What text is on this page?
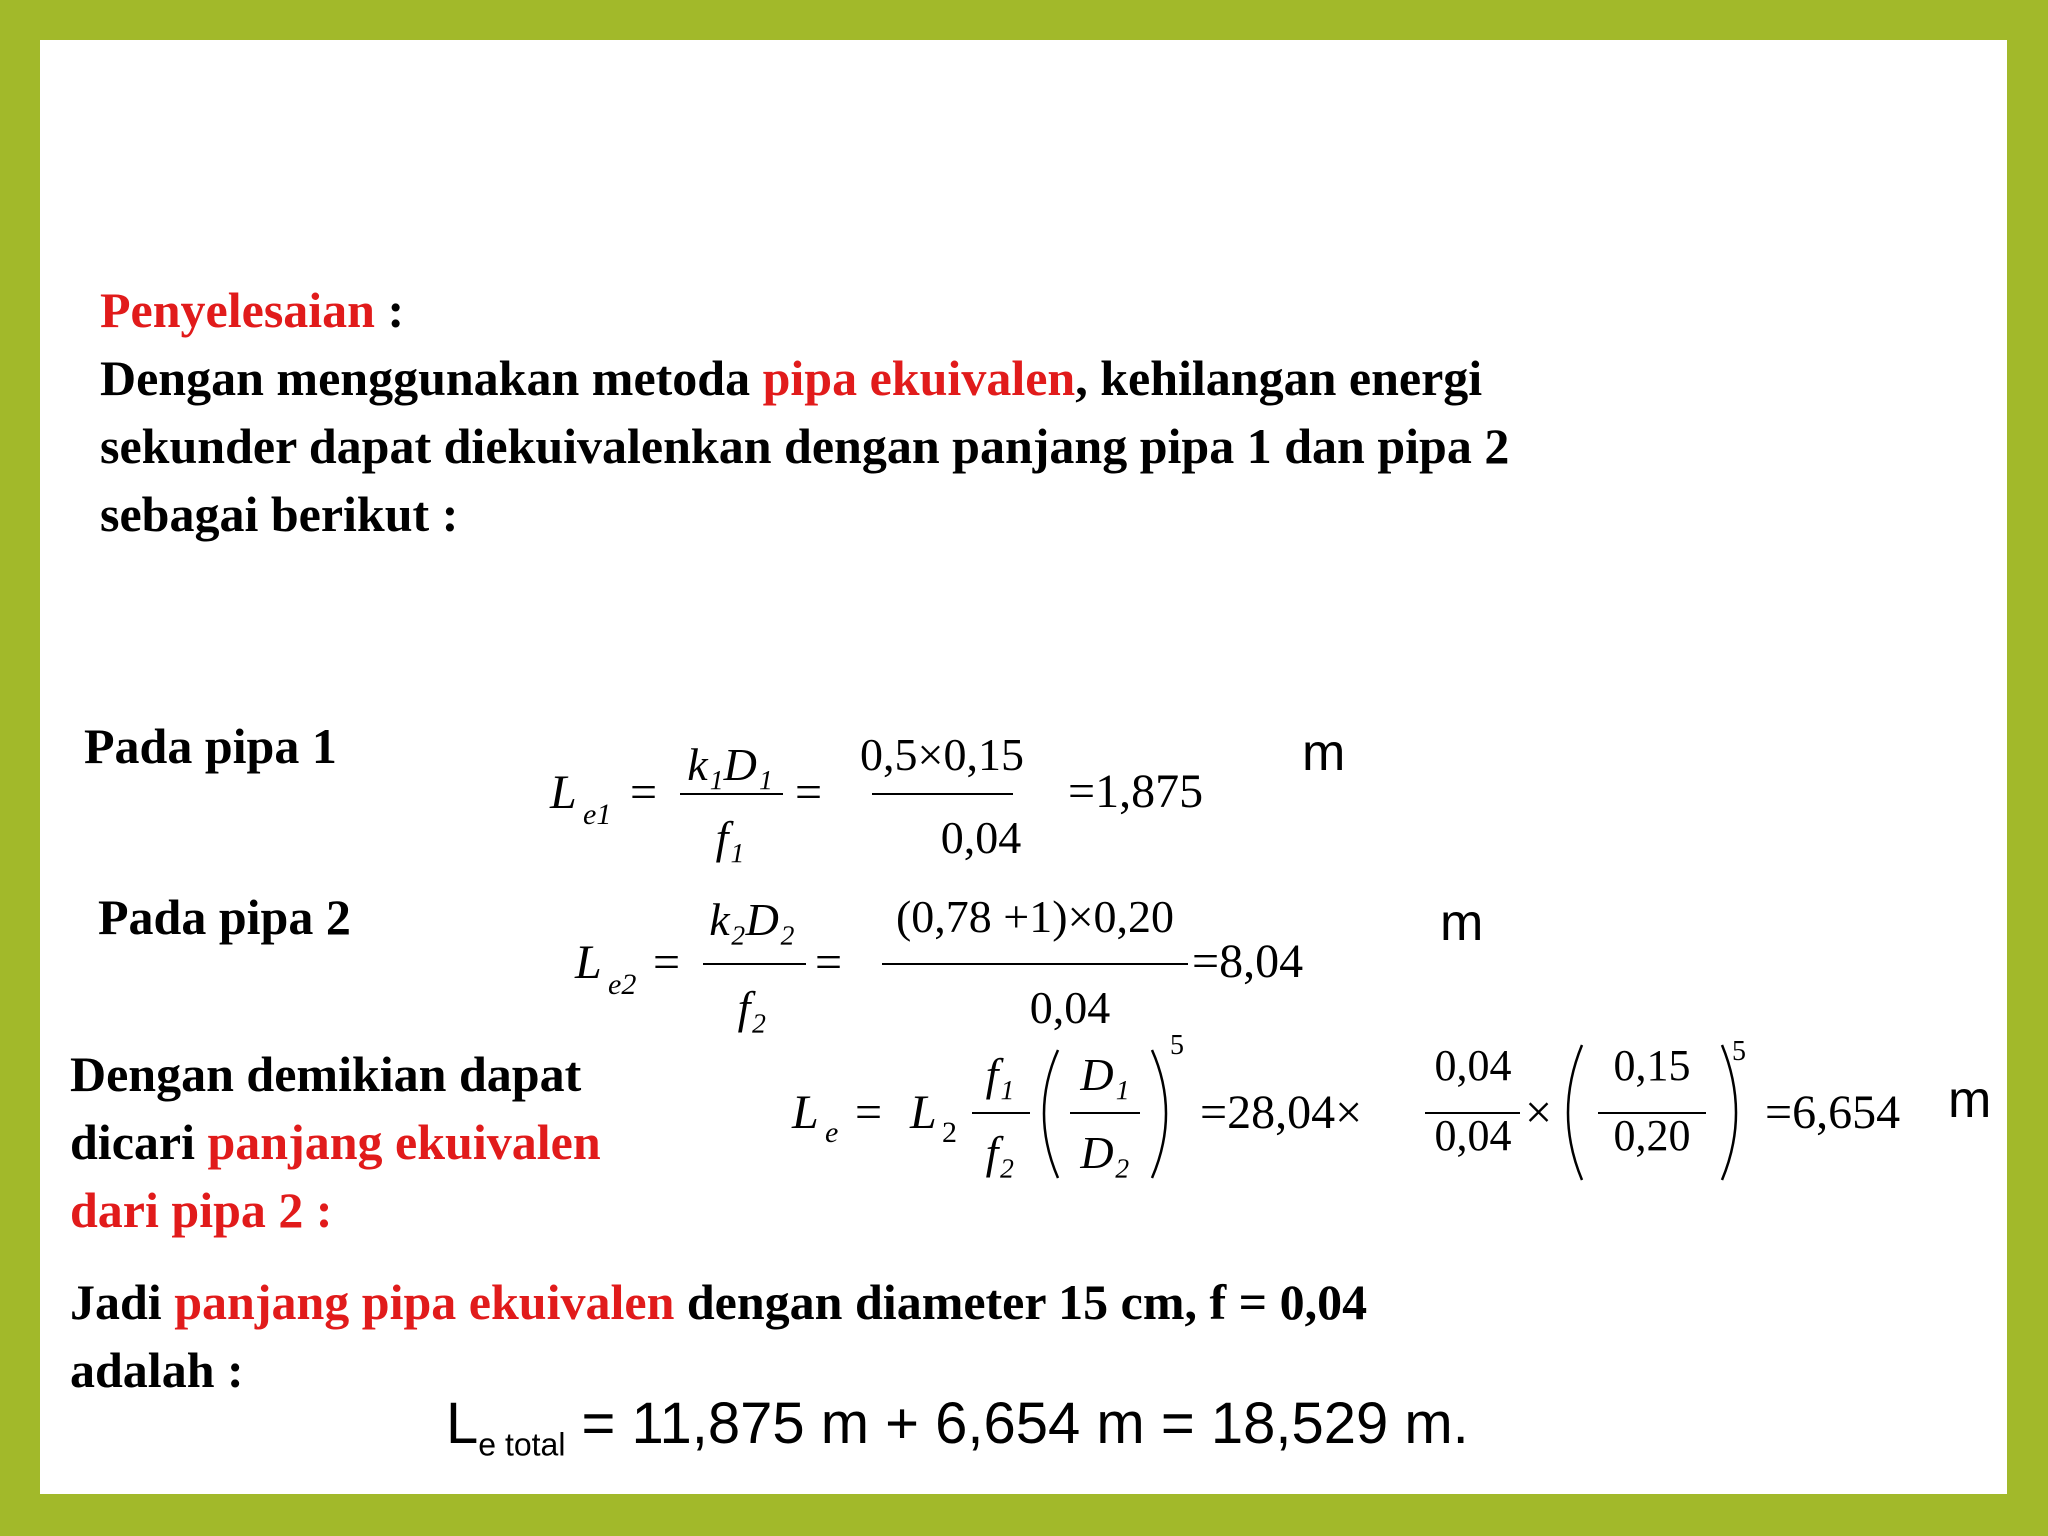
Penyelesaian :
Dengan menggunakan metoda pipa ekuivalen, kehilangan energi
sekunder dapat diekuivalenkan dengan panjang pipa 1 dan pipa 2
sebagai berikut :
Pada pipa 1
L e1 =
k₁D₁
f₁
=
0,5×0,15
0,04
=1,875
m
Pada pipa 2
L e2 =
k₂D₂
f₂
=
(0,78 +1)×0,20
0,04
=8,04
m
Dengan demikian dapat
dicari panjang ekuivalen
dari pipa 2 :
L e = L 2
f₁
f₂
D₁
D₂
5
=28,04×
0,04
0,04 ×
0,15
0,20
5
=6,654 m
Jadi panjang pipa ekuivalen dengan diameter 15 cm, f = 0,04
adalah :
$L_{e total} = 11,875$ m + 6,654 m = 18,529 m.
